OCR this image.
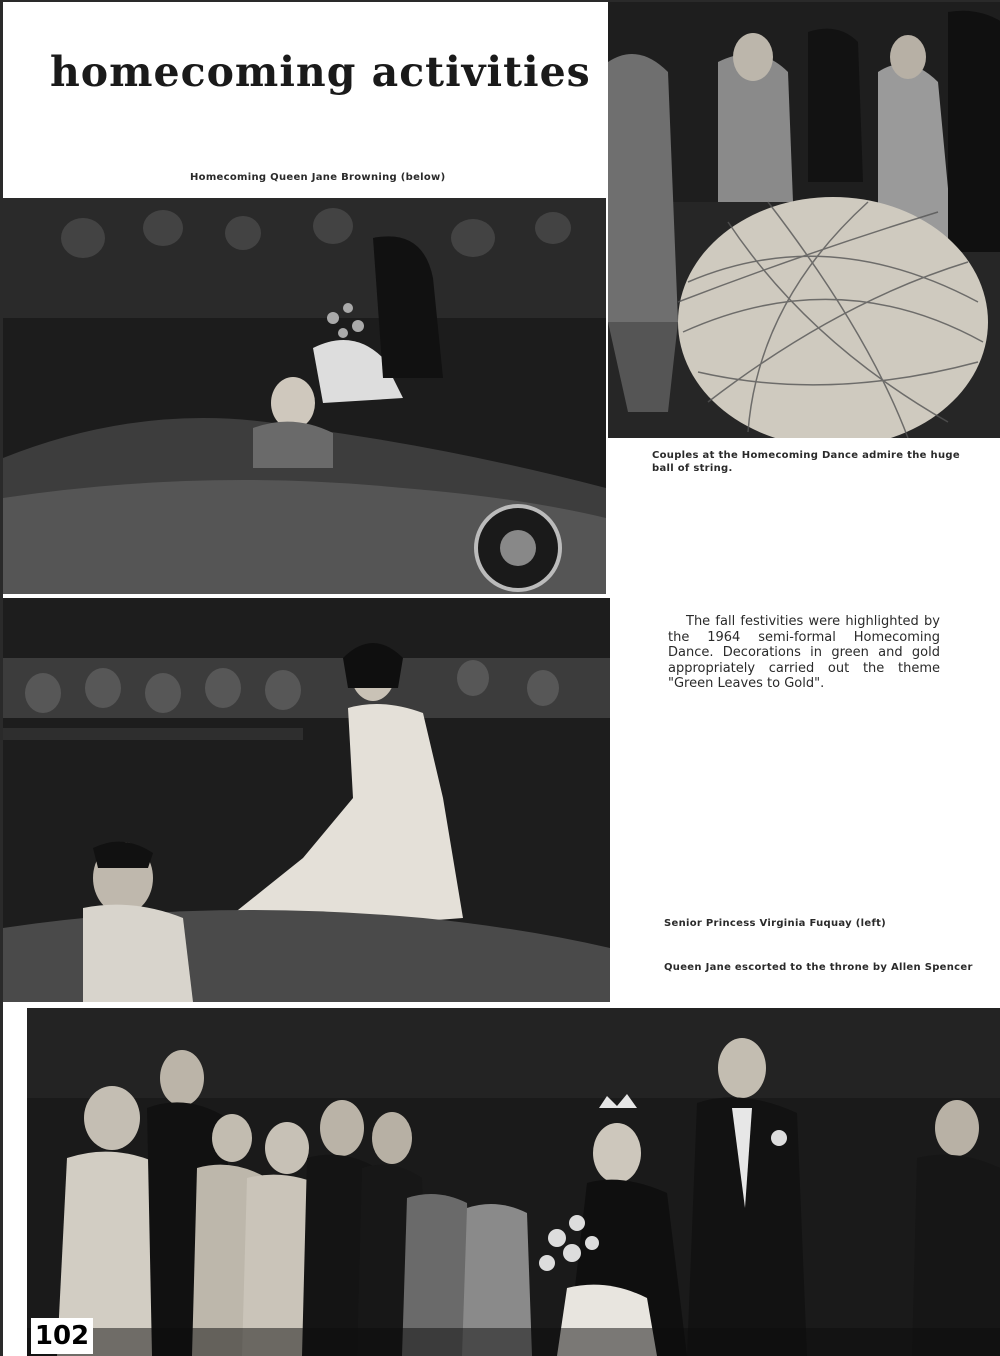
homecoming activities
Homecoming Queen Jane Browning (below)
Couples at the Homecoming Dance admire the huge ball of string.
The fall festivities were highlighted by the 1964 semi-formal Homecoming Dance. Decorations in green and gold appropriately carried out the theme "Green Leaves to Gold".
Senior Princess Virginia Fuquay (left)
Queen Jane escorted to the throne by Allen Spencer
102
